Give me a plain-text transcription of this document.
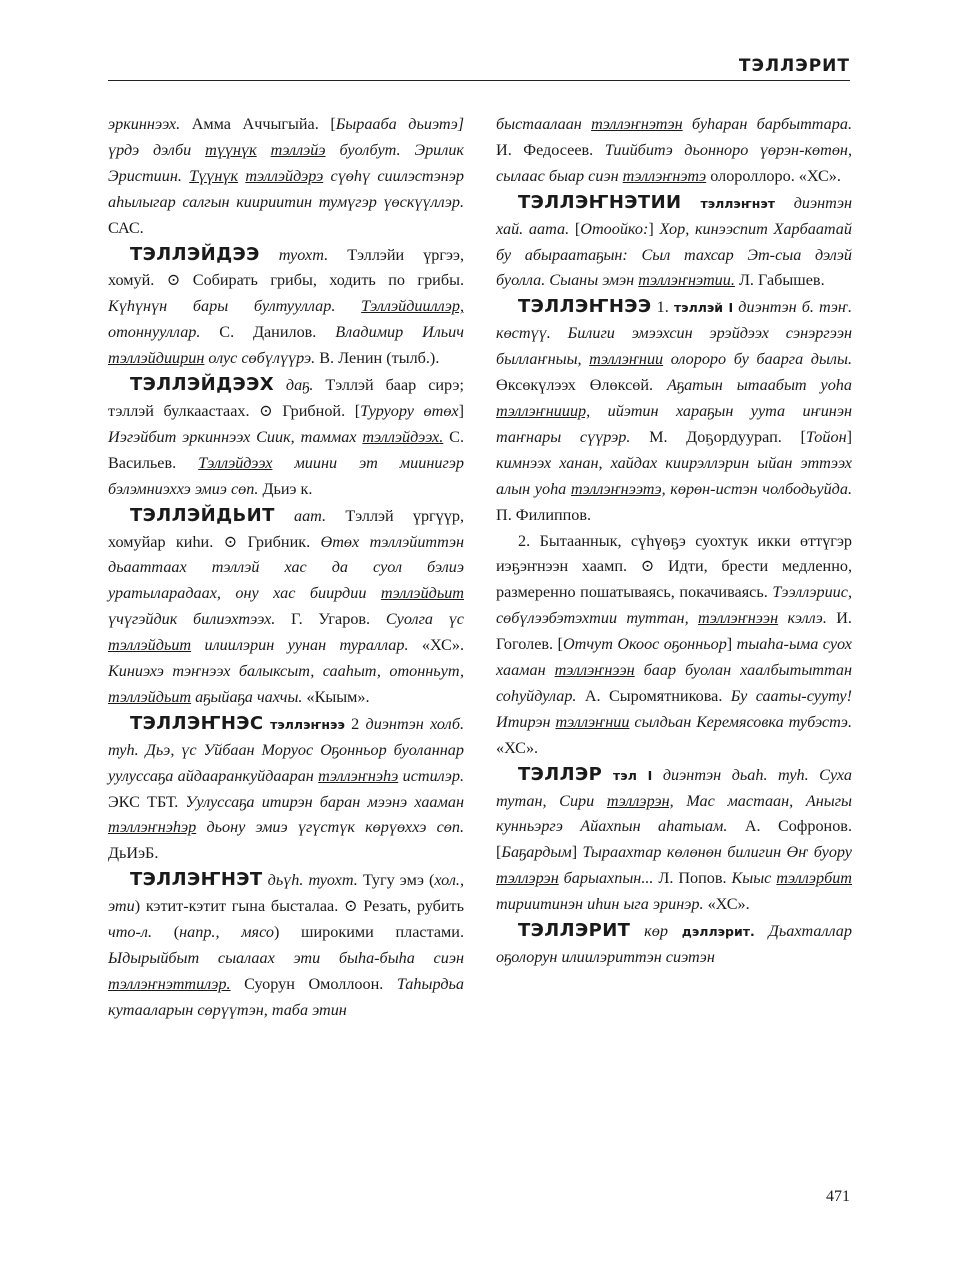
ТЭЛЛЭРИТ

эркиннээх. Амма Аччыгыйа. [Быраабa дьиэтэ] үрдэ дэлби түүнүк тэллэйэ буолбут. Эрилик Эристиин. Түүнүк тэллэйдэрэ сүөһү сиилэстэнэр аһылыгар салгын киириитин тумүгэр үөскүүллэр. САС.

ТЭЛЛЭЙДЭЭ туохт. Тэллэйи үргээ, хомуй. ⊙ Собирать грибы, ходить по грибы. Күһүнүн бары бултууллар. Тэллэйдииллэр, отоннууллар. С. Данилов. Владимир Ильич тэллэйдиирин олус сөбүлүүрэ. В. Ленин (тылб.).

ТЭЛЛЭЙДЭЭХ даҕ. Тэллэй баар сирэ; тэллэй булкаастаах. ⊙ Грибной. [Туруору өтөх] Иэгэйбит эркиннээх Сиик, таммах тэллэйдээх. С. Васильев. Тэллэйдээх миини эт миинигэр бэлэмниэххэ эмиэ сөп. Дьиэ к.

ТЭЛЛЭЙДЬИТ аат. Тэллэй үргүүр, хомуйар киһи. ⊙ Грибник. Өтөх тэллэйиттэн дьааттаах тэллэй хас да суол бэлиэ уратыларадаах, ону хас биирдии тэллэйдьит үчүгэйдик билиэхтээх. Г. Угаров. Суолга үс тэллэйдьит илиилэрин уунан тураллар. «ХС». Киниэхэ тэҥнээх балыксыт, сааһыт, отонньут, тэллэйдьит аҕыйаҕа чахчы. «Кыым».

ТЭЛЛЭҤНЭС тэллэҥнээ 2 диэнтэн холб. туһ. Дьэ, үс Уйбаан Моруос Оҕонньор буоланнар уулуссаҕа айдааранкуйдааран тэллэҥнэһэ истилэр. ЭКС ТБТ. Уулуссаҕа итирэн баран мээнэ хааман тэллэҥнэһэр дьону эмиэ үгүстүк көрүөххэ сөп. ДьИэБ.

ТЭЛЛЭҤНЭТ дьүһ. туохт. Тугу эмэ (хол., эти) кэтит-кэтит гына бысталаа. ⊙ Резать, рубить что-л. (напр., мясо) широкими пластами. Ыдырыйбыт сыалаах эти быһа-быһа сиэн тэллэҥнэттилэр. Суорун Омоллоон. Таһырдьа кутааларын сөрүүтэн, таба этин

быстаалаан тэллэҥнэтэн буһаран барбыттара. И. Федосеев. Тиийбитэ дьонноро үөрэн-көтөн, сылаас быар сиэн тэллэҥнэтэ олороллоро. «ХС».

ТЭЛЛЭҤНЭТИИ тэллэҥнэт диэнтэн хай. аата. [Отоойко:] Хор, кинээспит Харбаатай бу абыраатаҕын: Сыл тахсар Эт-сыа дэлэй буолла. Сыаны эмэн тэллэҥнэтии. Л. Габышев.

ТЭЛЛЭҤНЭЭ 1. тэллэй I диэнтэн б. тэҥ. көстүү. Билиги эмээхсин эрэйдээх сэнэргээн быллаҥныы, тэллэҥнии олороро бу баарга дылы. Өксөкүлээх Өлөксөй. Аҕатын ытаабыт уоһа тэллэҥнииир, ийэтин хараҕын уута иҥинэн таҥнары сүүрэр. М. Доҕордуурап. [Тойон] кимнээх ханан, хайдах киирэллэрин ыйан эттээх алын уоһа тэллэҥнээтэ, көрөн-истэн чолбодьуйда. П. Филиппов.

2. Бытааннык, сүһүөҕэ суохтук икки өттүгэр иэҕэҥнээн хаамп. ⊙ Идти, брести медленно, размеренно пошатываясь, покачиваясь. Тээллэриис, сөбүлээбэтэхтии туттан, тэллэҥнээн кэллэ. И. Гоголев. [Отчут Окоос оҕонньор] тыаһа-ыма суох хааман тэллэҥнээн баар буолан хаалбытыттан соһуйдулар. А. Сыромятникова. Бу сааты-сууту! Итирэн тэллэҥнии сылдьан Керемясовка тубэстэ. «ХС».

ТЭЛЛЭР тэл I диэнтэн дьаһ. туһ. Суха тутан, Сири тэллэрэн, Мас мастаан, Аныгы кунньэргэ Айахпын аһатыам. А. Софронов. [Баҕардым] Тыраахтар көлөнөн билигин Өҥ буору тэллэрэн барыахпын... Л. Попов. Кыыс тэллэрбит тириитинэн иһин ыга эринэр. «ХС».

ТЭЛЛЭРИТ көр дэллэрит. Дьахталлар оҕолорун илиилэриттэн сиэтэн

471
